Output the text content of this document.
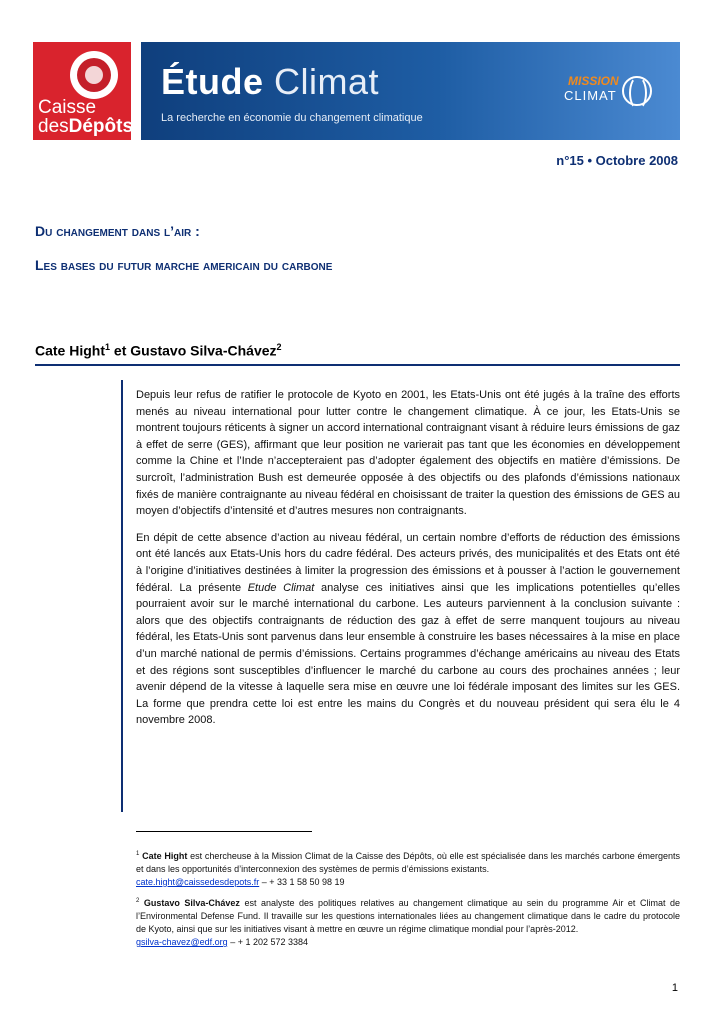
Caisse
desDépôts
Étude Climat
La recherche en économie du changement climatique
MISSION
CLIMAT
n°15 • Octobre 2008
Du changement dans l’air :
Les bases du futur marche americain du carbone
Cate Hight$^1$ et Gustavo Silva-Chávez$^2$

Depuis leur refus de ratifier le protocole de Kyoto en 2001, les Etats-Unis ont été jugés à la traîne des efforts menés au niveau international pour lutter contre le changement climatique. À ce jour, les Etats-Unis se montrent toujours réticents à signer un accord international contraignant visant à réduire leurs émissions de gaz à effet de serre (GES), affirmant que leur position ne varierait pas tant que les économies en développement comme la Chine et l’Inde n’accepteraient pas d’adopter également des objectifs en matière d’émissions. De surcroît, l’administration Bush est demeurée opposée à des objectifs ou des plafonds d’émissions nationaux fixés de manière contraignante au niveau fédéral en choisissant de traiter la question des émissions de GES au moyen d’objectifs d’intensité et d’autres mesures non contraignants.

En dépit de cette absence d’action au niveau fédéral, un certain nombre d’efforts de réduction des émissions ont été lancés aux Etats-Unis hors du cadre fédéral. Des acteurs privés, des municipalités et des Etats ont été à l’origine d’initiatives destinées à limiter la progression des émissions et à pousser à l’action le gouvernement fédéral. La présente Etude Climat analyse ces initiatives ainsi que les implications potentielles qu’elles pourraient avoir sur le marché international du carbone. Les auteurs parviennent à la conclusion suivante : alors que des objectifs contraignants de réduction des gaz à effet de serre manquent toujours au niveau fédéral, les Etats-Unis sont parvenus dans leur ensemble à construire les bases nécessaires à la mise en place d’un marché national de permis d’émissions. Certains programmes d’échange américains au niveau des Etats et des régions sont susceptibles d’influencer le marché du carbone au cours des prochaines années ; leur avenir dépend de la vitesse à laquelle sera mise en œuvre une loi fédérale imposant des limites sur les GES. La forme que prendra cette loi est entre les mains du Congrès et du nouveau président qui sera élu le 4 novembre 2008.

$^1$ Cate Hight est chercheuse à la Mission Climat de la Caisse des Dépôts, où elle est spécialisée dans les marchés carbone émergents et dans les opportunités d’interconnexion des systèmes de permis d’émissions existants.
cate.hight@caissedesdepots.fr – + 33 1 58 50 98 19
$^2$ Gustavo Silva-Chávez est analyste des politiques relatives au changement climatique au sein du programme Air et Climat de l’Environmental Defense Fund. Il travaille sur les questions internationales liées au changement climatique dans le cadre du protocole de Kyoto, ainsi que sur les initiatives visant à mettre en œuvre un régime climatique mondial pour l’après-2012.
gsilva-chavez@edf.org – + 1 202 572 3384
1
